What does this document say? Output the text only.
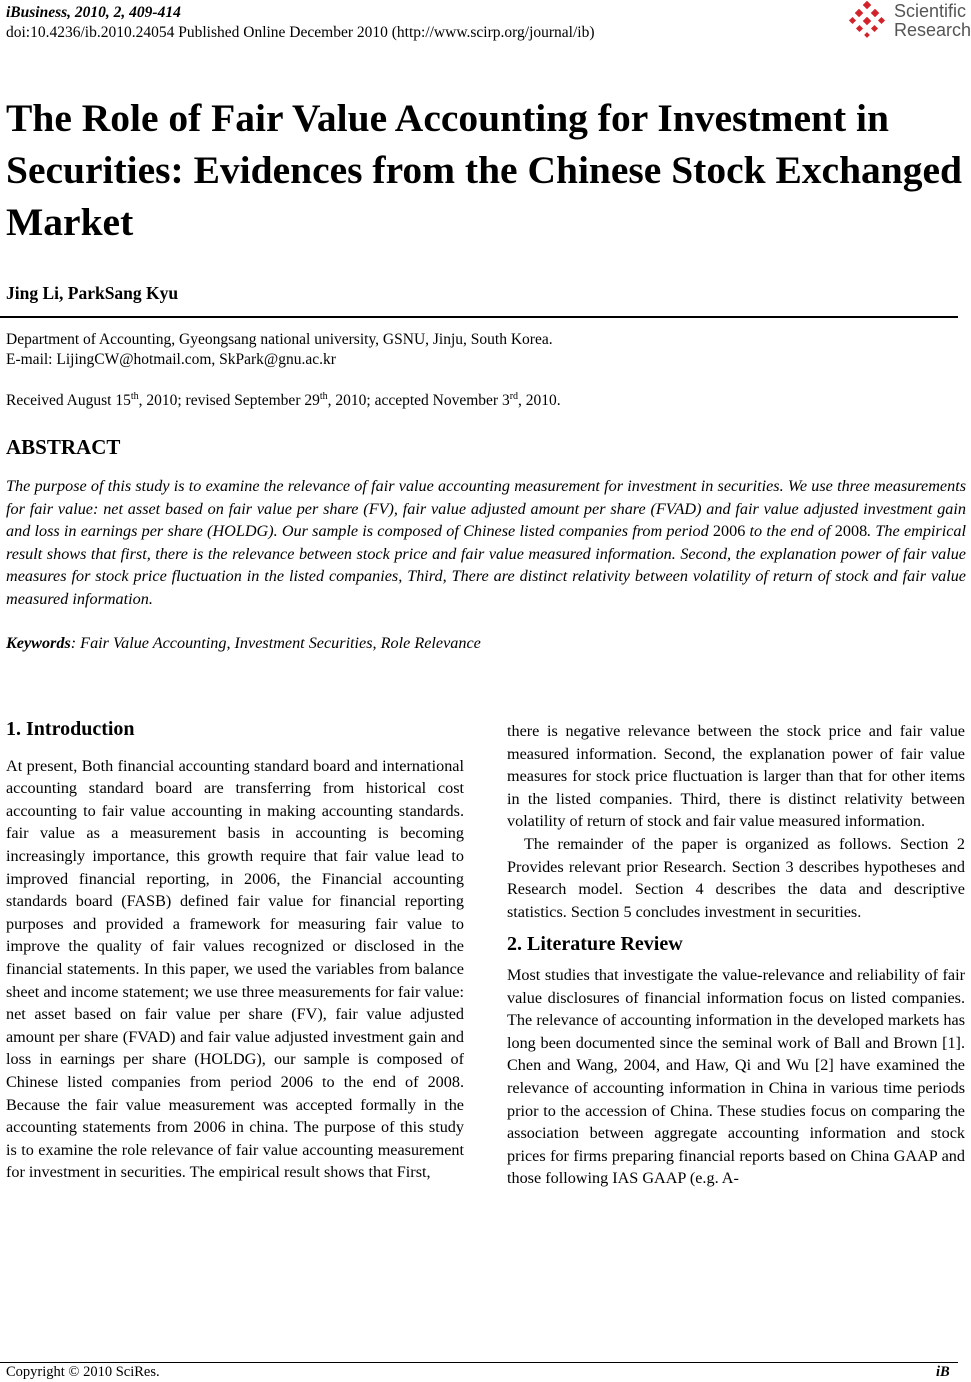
iBusiness, 2010, 2, 409-414
doi:10.4236/ib.2010.24054 Published Online December 2010 (http://www.scirp.org/journal/ib)
Scientific
Research
The Role of Fair Value Accounting for Investment in Securities: Evidences from the Chinese Stock Exchanged Market
Jing Li, ParkSang Kyu
Department of Accounting, Gyeongsang national university, GSNU, Jinju, South Korea.
E-mail: LijingCW@hotmail.com, SkPark@gnu.ac.kr
Received August 15th, 2010; revised September 29th, 2010; accepted November 3rd, 2010.
ABSTRACT
The purpose of this study is to examine the relevance of fair value accounting measurement for investment in securities. We use three measurements for fair value: net asset based on fair value per share (FV), fair value adjusted amount per share (FVAD) and fair value adjusted investment gain and loss in earnings per share (HOLDG). Our sample is composed of Chinese listed companies from period 2006 to the end of 2008. The empirical result shows that first, there is the relevance between stock price and fair value measured information. Second, the explanation power of fair value measures for stock price fluctuation in the listed companies, Third, There are distinct relativity between volatility of return of stock and fair value measured information.
Keywords: Fair Value Accounting, Investment Securities, Role Relevance
1. Introduction
At present, Both financial accounting standard board and international accounting standard board are transferring from historical cost accounting to fair value accounting in making accounting standards. fair value as a measurement basis in accounting is becoming increasingly importance, this growth require that fair value lead to improved financial reporting, in 2006, the Financial accounting standards board (FASB) defined fair value for financial reporting purposes and provided a framework for measuring fair value to improve the quality of fair values recognized or disclosed in the financial statements. In this paper, we used the variables from balance sheet and income statement; we use three measurements for fair value: net asset based on fair value per share (FV), fair value adjusted amount per share (FVAD) and fair value adjusted investment gain and loss in earnings per share (HOLDG), our sample is composed of Chinese listed companies from period 2006 to the end of 2008. Because the fair value measurement was accepted formally in the accounting statements from 2006 in china. The purpose of this study is to examine the role relevance of fair value accounting measurement for investment in securities. The empirical result shows that First,
there is negative relevance between the stock price and fair value measured information. Second, the explanation power of fair value measures for stock price fluctuation is larger than that for other items in the listed companies. Third, there is distinct relativity between volatility of return of stock and fair value measured information.
The remainder of the paper is organized as follows. Section 2 Provides relevant prior Research. Section 3 describes hypotheses and Research model. Section 4 describes the data and descriptive statistics. Section 5 concludes investment in securities.
2. Literature Review
Most studies that investigate the value-relevance and reliability of fair value disclosures of financial information focus on listed companies. The relevance of accounting information in the developed markets has long been documented since the seminal work of Ball and Brown [1]. Chen and Wang, 2004, and Haw, Qi and Wu [2] have examined the relevance of accounting information in China in various time periods prior to the accession of China. These studies focus on comparing the association between aggregate accounting information and stock prices for firms preparing financial reports based on China GAAP and those following IAS GAAP (e.g. A-
Copyright © 2010 SciRes.	iB
